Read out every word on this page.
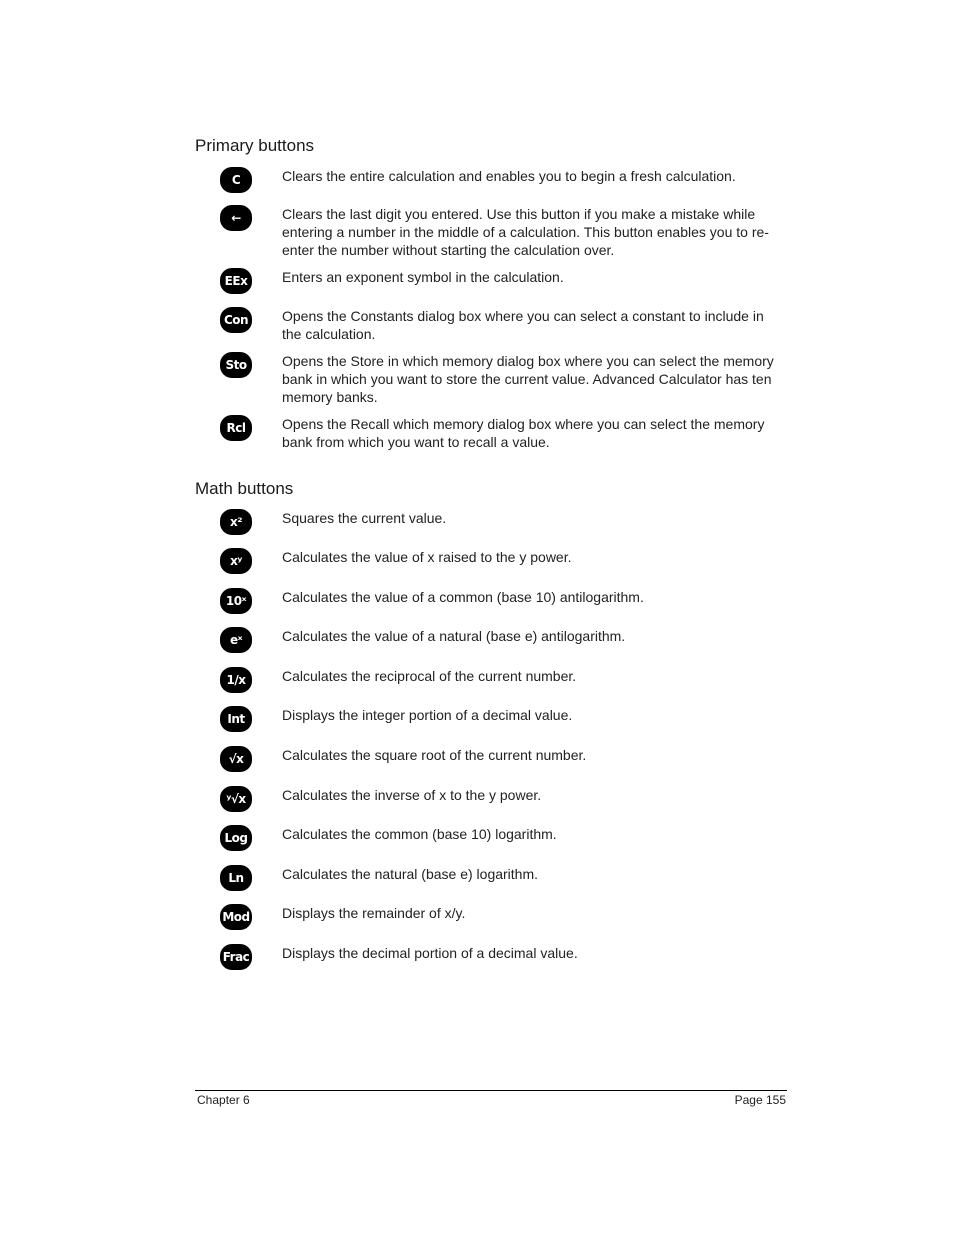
Primary buttons
C	Clears the entire calculation and enables you to begin a fresh calculation.
←	Clears the last digit you entered. Use this button if you make a mistake while entering a number in the middle of a calculation. This button enables you to re-enter the number without starting the calculation over.
EEx	Enters an exponent symbol in the calculation.
Con Opens the Constants dialog box where you can select a constant to include in the calculation.
Sto	Opens the Store in which memory dialog box where you can select the memory bank in which you want to store the current value. Advanced Calculator has ten memory banks.
Rcl	Opens the Recall which memory dialog box where you can select the memory bank from which you want to recall a value.
Math buttons
x²	Squares the current value.
xʸ	Calculates the value of x raised to the y power.
10ˣ	Calculates the value of a common (base 10) antilogarithm.
eˣ	Calculates the value of a natural (base e) antilogarithm.
1/x	Calculates the reciprocal of the current number.
Int	Displays the integer portion of a decimal value.
√x	Calculates the square root of the current number.
ʸ√x	Calculates the inverse of x to the y power.
Log	Calculates the common (base 10) logarithm.
Ln	Calculates the natural (base e) logarithm.
Mod Displays the remainder of x/y.
Frac Displays the decimal portion of a decimal value.
Chapter 6	Page 155
